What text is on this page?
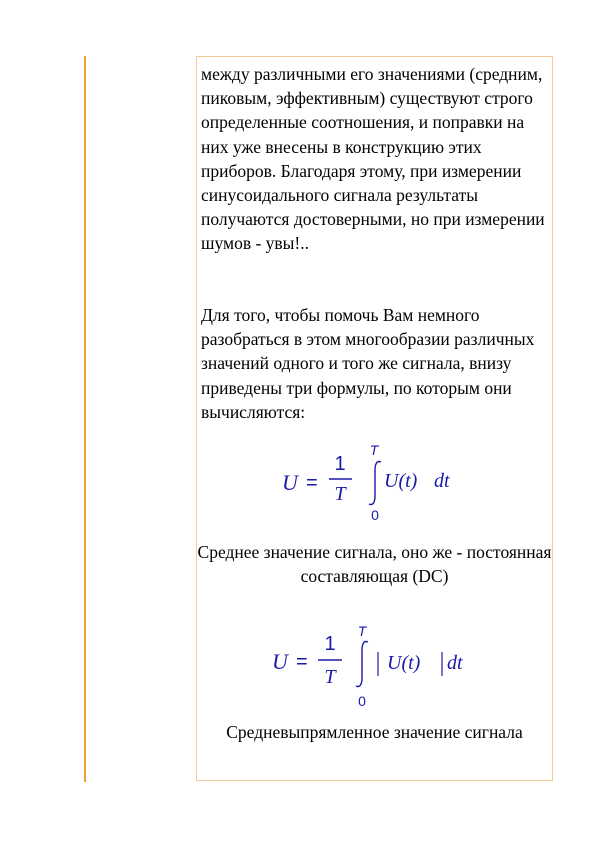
между различными его значениями (средним, пиковым, эффективным) существуют строго определенные соотношения, и поправки на них уже внесены в конструкцию этих приборов. Благодаря этому, при измерении синусоидального сигнала результаты получаются достоверными, но при измерении шумов - увы!..

Для того, чтобы помочь Вам немного разобраться в этом многообразии различных значений одного и того же сигнала, внизу приведены три формулы, по которым они вычисляются:

U =
1
T
T
0
U(t) dt

Среднее значение сигнала, оно же - постоянная составляющая (DC)

U =
1
T
T
0
U(t) dt

Средневыпрямленное значение сигнала
